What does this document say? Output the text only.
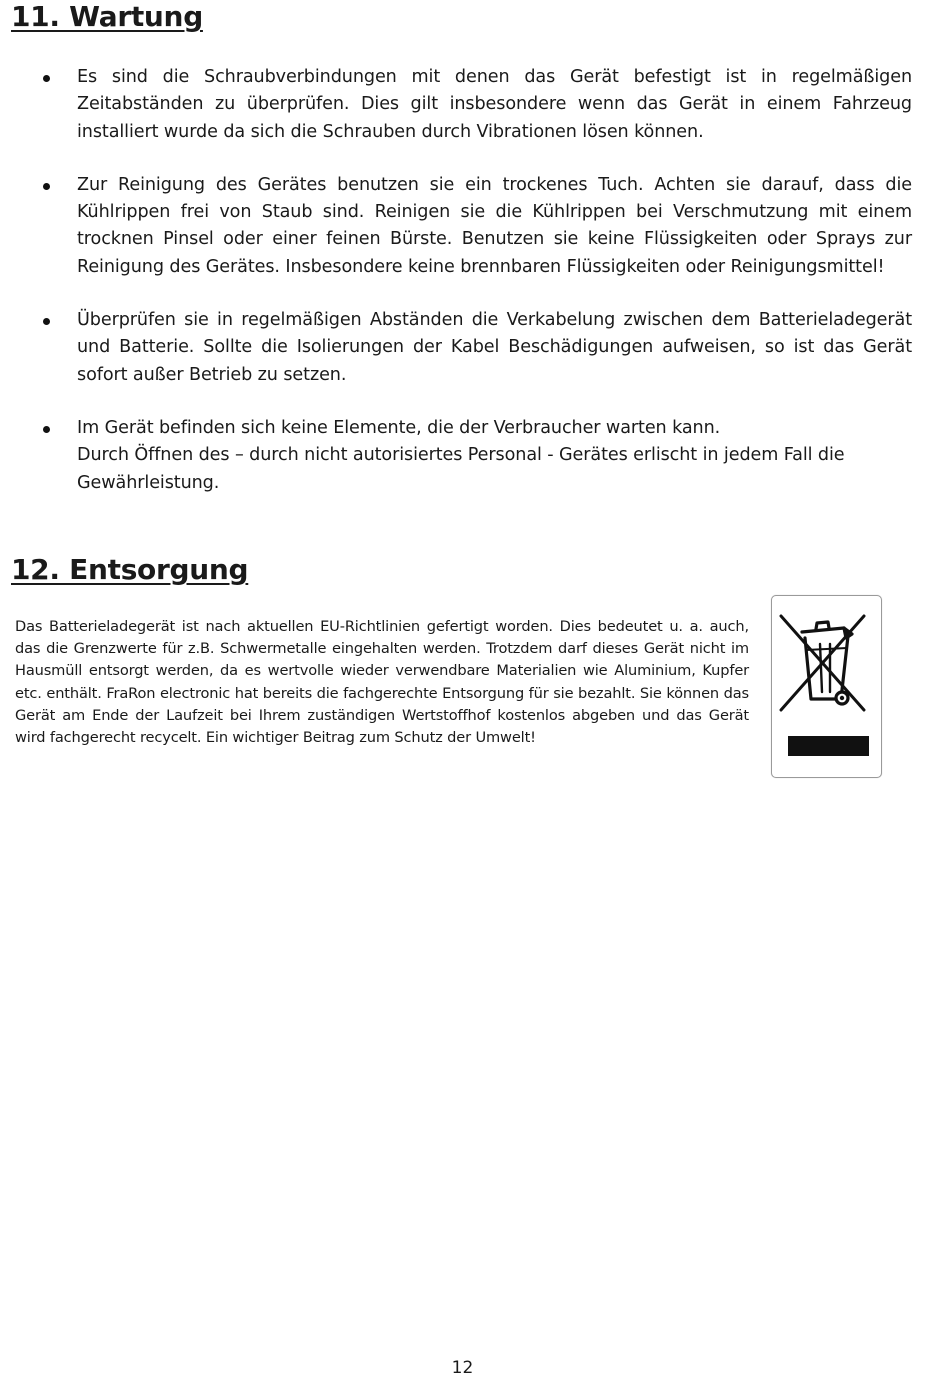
11. Wartung

Es sind die Schraubverbindungen mit denen das Gerät befestigt ist in regelmäßigen Zeitabständen zu überprüfen. Dies gilt insbesondere wenn das Gerät in einem Fahrzeug installiert wurde da sich die Schrauben durch Vibrationen lösen können.

Zur Reinigung des Gerätes benutzen sie ein trockenes Tuch. Achten sie darauf, dass die Kühlrippen frei von Staub sind. Reinigen sie die Kühlrippen bei Verschmutzung mit einem trocknen Pinsel oder einer feinen Bürste. Benutzen sie keine Flüssigkeiten oder Sprays zur Reinigung des Gerätes. Insbesondere keine brennbaren Flüssigkeiten oder Reinigungsmittel!

Überprüfen sie in regelmäßigen Abständen die Verkabelung zwischen dem Batterieladegerät und Batterie. Sollte die Isolierungen der Kabel Beschädigungen aufweisen, so ist das Gerät sofort außer Betrieb zu setzen.

Im Gerät befinden sich keine Elemente, die der Verbraucher warten kann.
Durch Öffnen des – durch nicht autorisiertes Personal - Gerätes erlischt in jedem Fall die Gewährleistung.
12. Entsorgung

Das Batterieladegerät ist nach aktuellen EU-Richtlinien gefertigt worden. Dies bedeutet u. a. auch, das die Grenzwerte für z.B. Schwermetalle eingehalten werden. Trotzdem darf dieses Gerät nicht im Hausmüll entsorgt werden, da es wertvolle wieder verwendbare Materialien wie Aluminium, Kupfer etc. enthält. FraRon electronic hat bereits die fachgerechte Entsorgung für sie bezahlt. Sie können das Gerät am Ende der Laufzeit bei Ihrem zuständigen Wertstoffhof kostenlos abgeben und das Gerät wird fachgerecht recycelt. Ein wichtiger Beitrag zum Schutz der Umwelt!

12
